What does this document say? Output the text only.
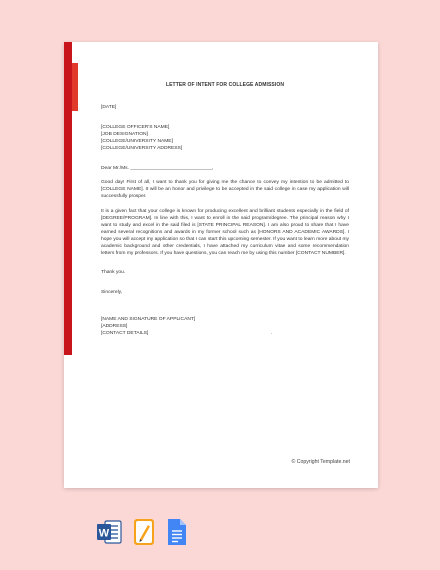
LETTER OF INTENT FOR COLLEGE ADMISSION

[DATE]

[COLLEGE OFFICER'S NAME]
[JOB DESIGNATION]
[COLLEGE/UNIVERSITY NAME]
[COLLEGE/UNIVERSITY ADDRESS]

Dear Mr./Ms. ______________________________,

Good day! First of all, I want to thank you for giving me the chance to convey my intention to be admitted to [COLLEGE NAME]. It will be an honor and privilege to be accepted in the said college in case my application will successfully prosper.

It is a given fact that your college is known for producing excellent and brilliant students especially in the field of [DEGREE/PROGRAM]. In line with this, I want to enroll in the said program/degree. The principal reason why I want to study and excel in the said filed is [STATE PRINCIPAL REASON]. I am also proud to share that I have earned several recognitions and awards in my former school such as [HONORS AND ACADEMIC AWARDS]. I hope you will accept my application so that I can start this upcoming semester. If you want to learn more about my academic background and other credentials, I have attached my curriculum vitae and some recommendation letters from my professors. If you have questions, you can reach me by using this number [CONTACT NUMBER].

Thank you.

Sincerely,

[NAME AND SIGNATURE OF APPLICANT]
[ADDRESS]
[CONTACT DETAILS]	.
© Copyright Template.net
W
